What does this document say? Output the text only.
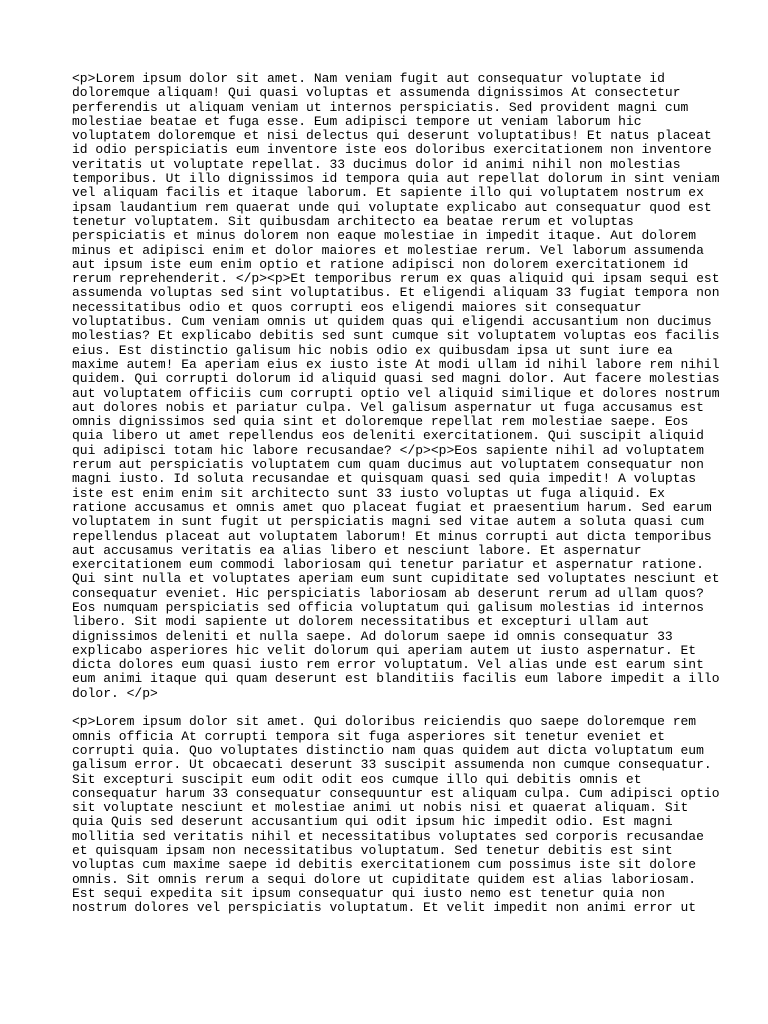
<p>Lorem ipsum dolor sit amet. Nam veniam fugit aut consequatur voluptate id
doloremque aliquam! Qui quasi voluptas et assumenda dignissimos At consectetur
perferendis ut aliquam veniam ut internos perspiciatis. Sed provident magni cum
molestiae beatae et fuga esse. Eum adipisci tempore ut veniam laborum hic
voluptatem doloremque et nisi delectus qui deserunt voluptatibus! Et natus placeat
id odio perspiciatis eum inventore iste eos doloribus exercitationem non inventore
veritatis ut voluptate repellat. 33 ducimus dolor id animi nihil non molestias
temporibus. Ut illo dignissimos id tempora quia aut repellat dolorum in sint veniam
vel aliquam facilis et itaque laborum. Et sapiente illo qui voluptatem nostrum ex
ipsam laudantium rem quaerat unde qui voluptate explicabo aut consequatur quod est
tenetur voluptatem. Sit quibusdam architecto ea beatae rerum et voluptas
perspiciatis et minus dolorem non eaque molestiae in impedit itaque. Aut dolorem
minus et adipisci enim et dolor maiores et molestiae rerum. Vel laborum assumenda
aut ipsum iste eum enim optio et ratione adipisci non dolorem exercitationem id
rerum reprehenderit. </p><p>Et temporibus rerum ex quas aliquid qui ipsam sequi est
assumenda voluptas sed sint voluptatibus. Et eligendi aliquam 33 fugiat tempora non
necessitatibus odio et quos corrupti eos eligendi maiores sit consequatur
voluptatibus. Cum veniam omnis ut quidem quas qui eligendi accusantium non ducimus
molestias? Et explicabo debitis sed sunt cumque sit voluptatem voluptas eos facilis
eius. Est distinctio galisum hic nobis odio ex quibusdam ipsa ut sunt iure ea
maxime autem! Ea aperiam eius ex iusto iste At modi ullam id nihil labore rem nihil
quidem. Qui corrupti dolorum id aliquid quasi sed magni dolor. Aut facere molestias
aut voluptatem officiis cum corrupti optio vel aliquid similique et dolores nostrum
aut dolores nobis et pariatur culpa. Vel galisum aspernatur ut fuga accusamus est
omnis dignissimos sed quia sint et doloremque repellat rem molestiae saepe. Eos
quia libero ut amet repellendus eos deleniti exercitationem. Qui suscipit aliquid
qui adipisci totam hic labore recusandae? </p><p>Eos sapiente nihil ad voluptatem
rerum aut perspiciatis voluptatem cum quam ducimus aut voluptatem consequatur non
magni iusto. Id soluta recusandae et quisquam quasi sed quia impedit! A voluptas
iste est enim enim sit architecto sunt 33 iusto voluptas ut fuga aliquid. Ex
ratione accusamus et omnis amet quo placeat fugiat et praesentium harum. Sed earum
voluptatem in sunt fugit ut perspiciatis magni sed vitae autem a soluta quasi cum
repellendus placeat aut voluptatem laborum! Et minus corrupti aut dicta temporibus
aut accusamus veritatis ea alias libero et nesciunt labore. Et aspernatur
exercitationem eum commodi laboriosam qui tenetur pariatur et aspernatur ratione.
Qui sint nulla et voluptates aperiam eum sunt cupiditate sed voluptates nesciunt et
consequatur eveniet. Hic perspiciatis laboriosam ab deserunt rerum ad ullam quos?
Eos numquam perspiciatis sed officia voluptatum qui galisum molestias id internos
libero. Sit modi sapiente ut dolorem necessitatibus et excepturi ullam aut
dignissimos deleniti et nulla saepe. Ad dolorum saepe id omnis consequatur 33
explicabo asperiores hic velit dolorum qui aperiam autem ut iusto aspernatur. Et
dicta dolores eum quasi iusto rem error voluptatum. Vel alias unde est earum sint
eum animi itaque qui quam deserunt est blanditiis facilis eum labore impedit a illo
dolor. </p>

<p>Lorem ipsum dolor sit amet. Qui doloribus reiciendis quo saepe doloremque rem
omnis officia At corrupti tempora sit fuga asperiores sit tenetur eveniet et
corrupti quia. Quo voluptates distinctio nam quas quidem aut dicta voluptatum eum
galisum error. Ut obcaecati deserunt 33 suscipit assumenda non cumque consequatur.
Sit excepturi suscipit eum odit odit eos cumque illo qui debitis omnis et
consequatur harum 33 consequatur consequuntur est aliquam culpa. Cum adipisci optio
sit voluptate nesciunt et molestiae animi ut nobis nisi et quaerat aliquam. Sit
quia Quis sed deserunt accusantium qui odit ipsum hic impedit odio. Est magni
mollitia sed veritatis nihil et necessitatibus voluptates sed corporis recusandae
et quisquam ipsam non necessitatibus voluptatum. Sed tenetur debitis est sint
voluptas cum maxime saepe id debitis exercitationem cum possimus iste sit dolore
omnis. Sit omnis rerum a sequi dolore ut cupiditate quidem est alias laboriosam.
Est sequi expedita sit ipsum consequatur qui iusto nemo est tenetur quia non
nostrum dolores vel perspiciatis voluptatum. Et velit impedit non animi error ut
